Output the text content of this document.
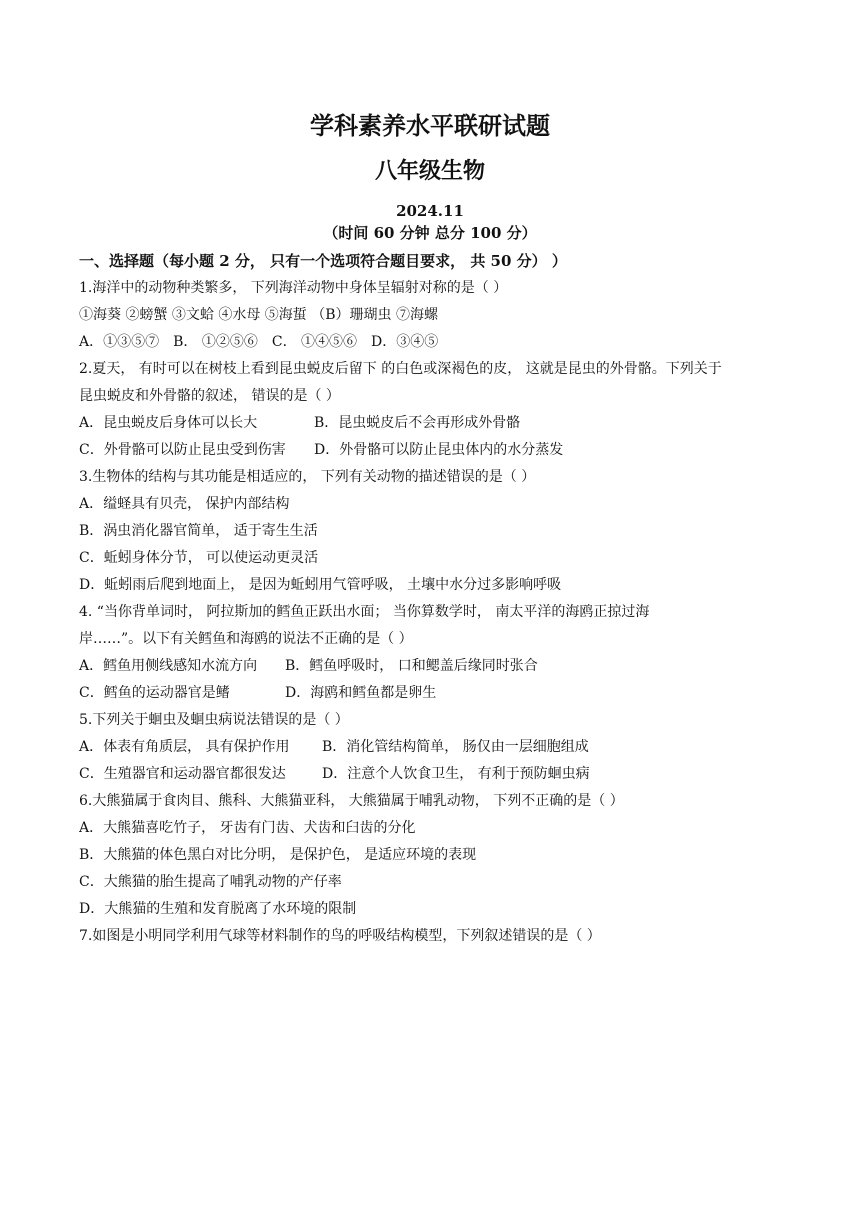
学科素养水平联研试题
八年级生物
2024.11
（时间 60 分钟 总分 100 分）
一、选择题（每小题 2 分， 只有一个选项符合题目要求， 共 50 分） ）
1.海洋中的动物种类繁多， 下列海洋动物中身体呈辐射对称的是（ ）
①海葵 ②螃蟹 ③文蛤 ④水母 ⑤海蜇 （B）珊瑚虫 ⑦海螺
A．①③⑤⑦ B． ①②⑤⑥ C． ①④⑤⑥ D．③④⑤
2.夏天， 有时可以在树枝上看到昆虫蜕皮后留下 的白色或深褐色的皮， 这就是昆虫的外骨骼。下列关于
昆虫蜕皮和外骨骼的叙述， 错误的是（ ）
A．昆虫蜕皮后身体可以长大	B．昆虫蜕皮后不会再形成外骨骼
C．外骨骼可以防止昆虫受到伤害	D．外骨骼可以防止昆虫体内的水分蒸发
3.生物体的结构与其功能是相适应的， 下列有关动物的描述错误的是（ ）
A．缢蛏具有贝壳， 保护内部结构
B．涡虫消化器官简单， 适于寄生生活
C．蚯蚓身体分节， 可以使运动更灵活
D．蚯蚓雨后爬到地面上， 是因为蚯蚓用气管呼吸， 土壤中水分过多影响呼吸
4. “当你背单词时， 阿拉斯加的鳕鱼正跃出水面； 当你算数学时， 南太平洋的海鸥正掠过海
岸……”。以下有关鳕鱼和海鸥的说法不正确的是（ ）
A．鳕鱼用侧线感知水流方向	B．鳕鱼呼吸时， 口和鳃盖后缘同时张合
C．鳕鱼的运动器官是鳍	D．海鸥和鳕鱼都是卵生
5.下列关于蛔虫及蛔虫病说法错误的是（ ）
A．体表有角质层， 具有保护作用	B．消化管结构简单， 肠仅由一层细胞组成
C．生殖器官和运动器官都很发达	D．注意个人饮食卫生， 有利于预防蛔虫病
6.大熊猫属于食肉目、熊科、大熊猫亚科， 大熊猫属于哺乳动物， 下列不正确的是（ ）
A．大熊猫喜吃竹子， 牙齿有门齿、犬齿和臼齿的分化
B．大熊猫的体色黑白对比分明， 是保护色， 是适应环境的表现
C．大熊猫的胎生提高了哺乳动物的产仔率
D．大熊猫的生殖和发育脱离了水环境的限制
7.如图是小明同学利用气球等材料制作的鸟的呼吸结构模型，下列叙述错误的是（ ）
